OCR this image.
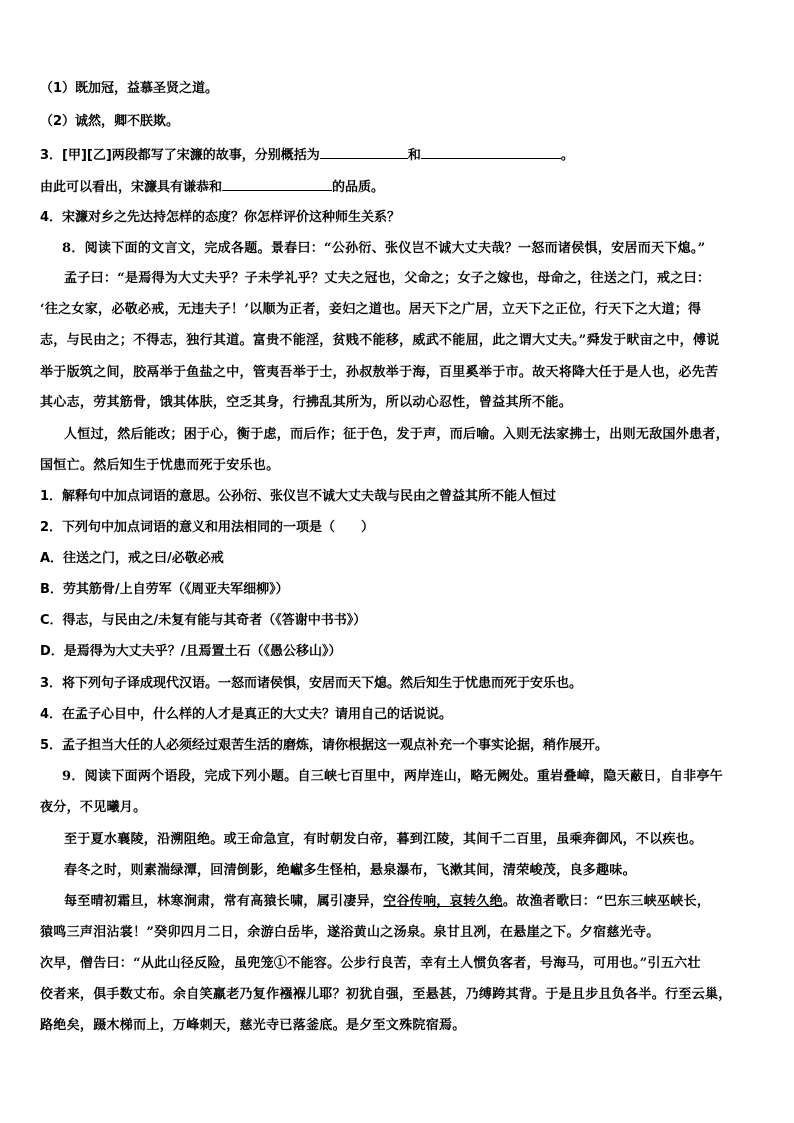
（1）既加冠，益慕圣贤之道。
（2）诚然，卿不朕欺。
3．[甲][乙]两段都写了宋濂的故事，分别概括为	和	。
由此可以看出，宋濂具有谦恭和	的品质。
4．宋濂对乡之先达持怎样的态度？你怎样评价这种师生关系？
8．阅读下面的文言文，完成各题。景春曰：“公孙衍、张仪岂不诚大丈夫哉？一怒而诸侯惧，安居而天下熄。”
孟子曰：“是焉得为大丈夫乎？子未学礼乎？丈夫之冠也，父命之；女子之嫁也，母命之，往送之门，戒之曰：
‘往之女家，必敬必戒，无违夫子！’以顺为正者，妾妇之道也。居天下之广居，立天下之正位，行天下之大道；得
志，与民由之；不得志，独行其道。富贵不能淫，贫贱不能移，威武不能屈，此之谓大丈夫。”舜发于畎亩之中，傅说
举于版筑之间，胶鬲举于鱼盐之中，管夷吾举于士，孙叔敖举于海，百里奚举于市。故天将降大任于是人也，必先苦
其心志，劳其筋骨，饿其体肤，空乏其身，行拂乱其所为，所以动心忍性，曾益其所不能。
人恒过，然后能改；困于心，衡于虑，而后作；征于色，发于声，而后喻。入则无法家拂士，出则无敌国外患者，
国恒亡。然后知生于忧患而死于安乐也。
1．解释句中加点词语的意思。公孙衍、张仪岂不诚大丈夫哉与民由之曾益其所不能人恒过
2．下列句中加点词语的意义和用法相同的一项是（　　）
A．往送之门，戒之曰/必敬必戒
B．劳其筋骨/上自劳军（《周亚夫军细柳》）
C．得志，与民由之/未复有能与其奇者（《答谢中书书》）
D．是焉得为大丈夫乎？/且焉置土石（《愚公移山》）
3．将下列句子译成现代汉语。一怒而诸侯惧，安居而天下熄。然后知生于忧患而死于安乐也。
4．在孟子心目中，什么样的人才是真正的大丈夫？请用自己的话说说。
5．孟子担当大任的人必须经过艰苦生活的磨炼，请你根据这一观点补充一个事实论据，稍作展开。
9．阅读下面两个语段，完成下列小题。自三峡七百里中，两岸连山，略无阙处。重岩叠嶂，隐天蔽日，自非亭午
夜分，不见曦月。
至于夏水襄陵，沿溯阻绝。或王命急宣，有时朝发白帝，暮到江陵，其间千二百里，虽乘奔御风，不以疾也。
春冬之时，则素湍绿潭，回清倒影，绝𪩘多生怪柏，悬泉瀑布，飞漱其间，清荣峻茂，良多趣味。
每至晴初霜旦，林寒涧肃，常有高猿长啸，属引凄异，空谷传响，哀转久绝。故渔者歌曰：“巴东三峡巫峡长，
猿鸣三声泪沾裳！”癸卯四月二日，余游白岳毕，遂浴黄山之汤泉。泉甘且冽，在悬崖之下。夕宿慈光寺。
次早，僧告曰：“从此山径反险，虽兜笼①不能容。公步行良苦，幸有土人惯负客者，号海马，可用也。”引五六壮
佼者来，俱手数丈布。余自笑羸老乃复作襁褓儿耶？初犹自强，至悬甚，乃缚跨其背。于是且步且负各半。行至云巢，
路绝矣，蹑木梯而上，万峰刺天，慈光寺已落釜底。是夕至文殊院宿焉。
